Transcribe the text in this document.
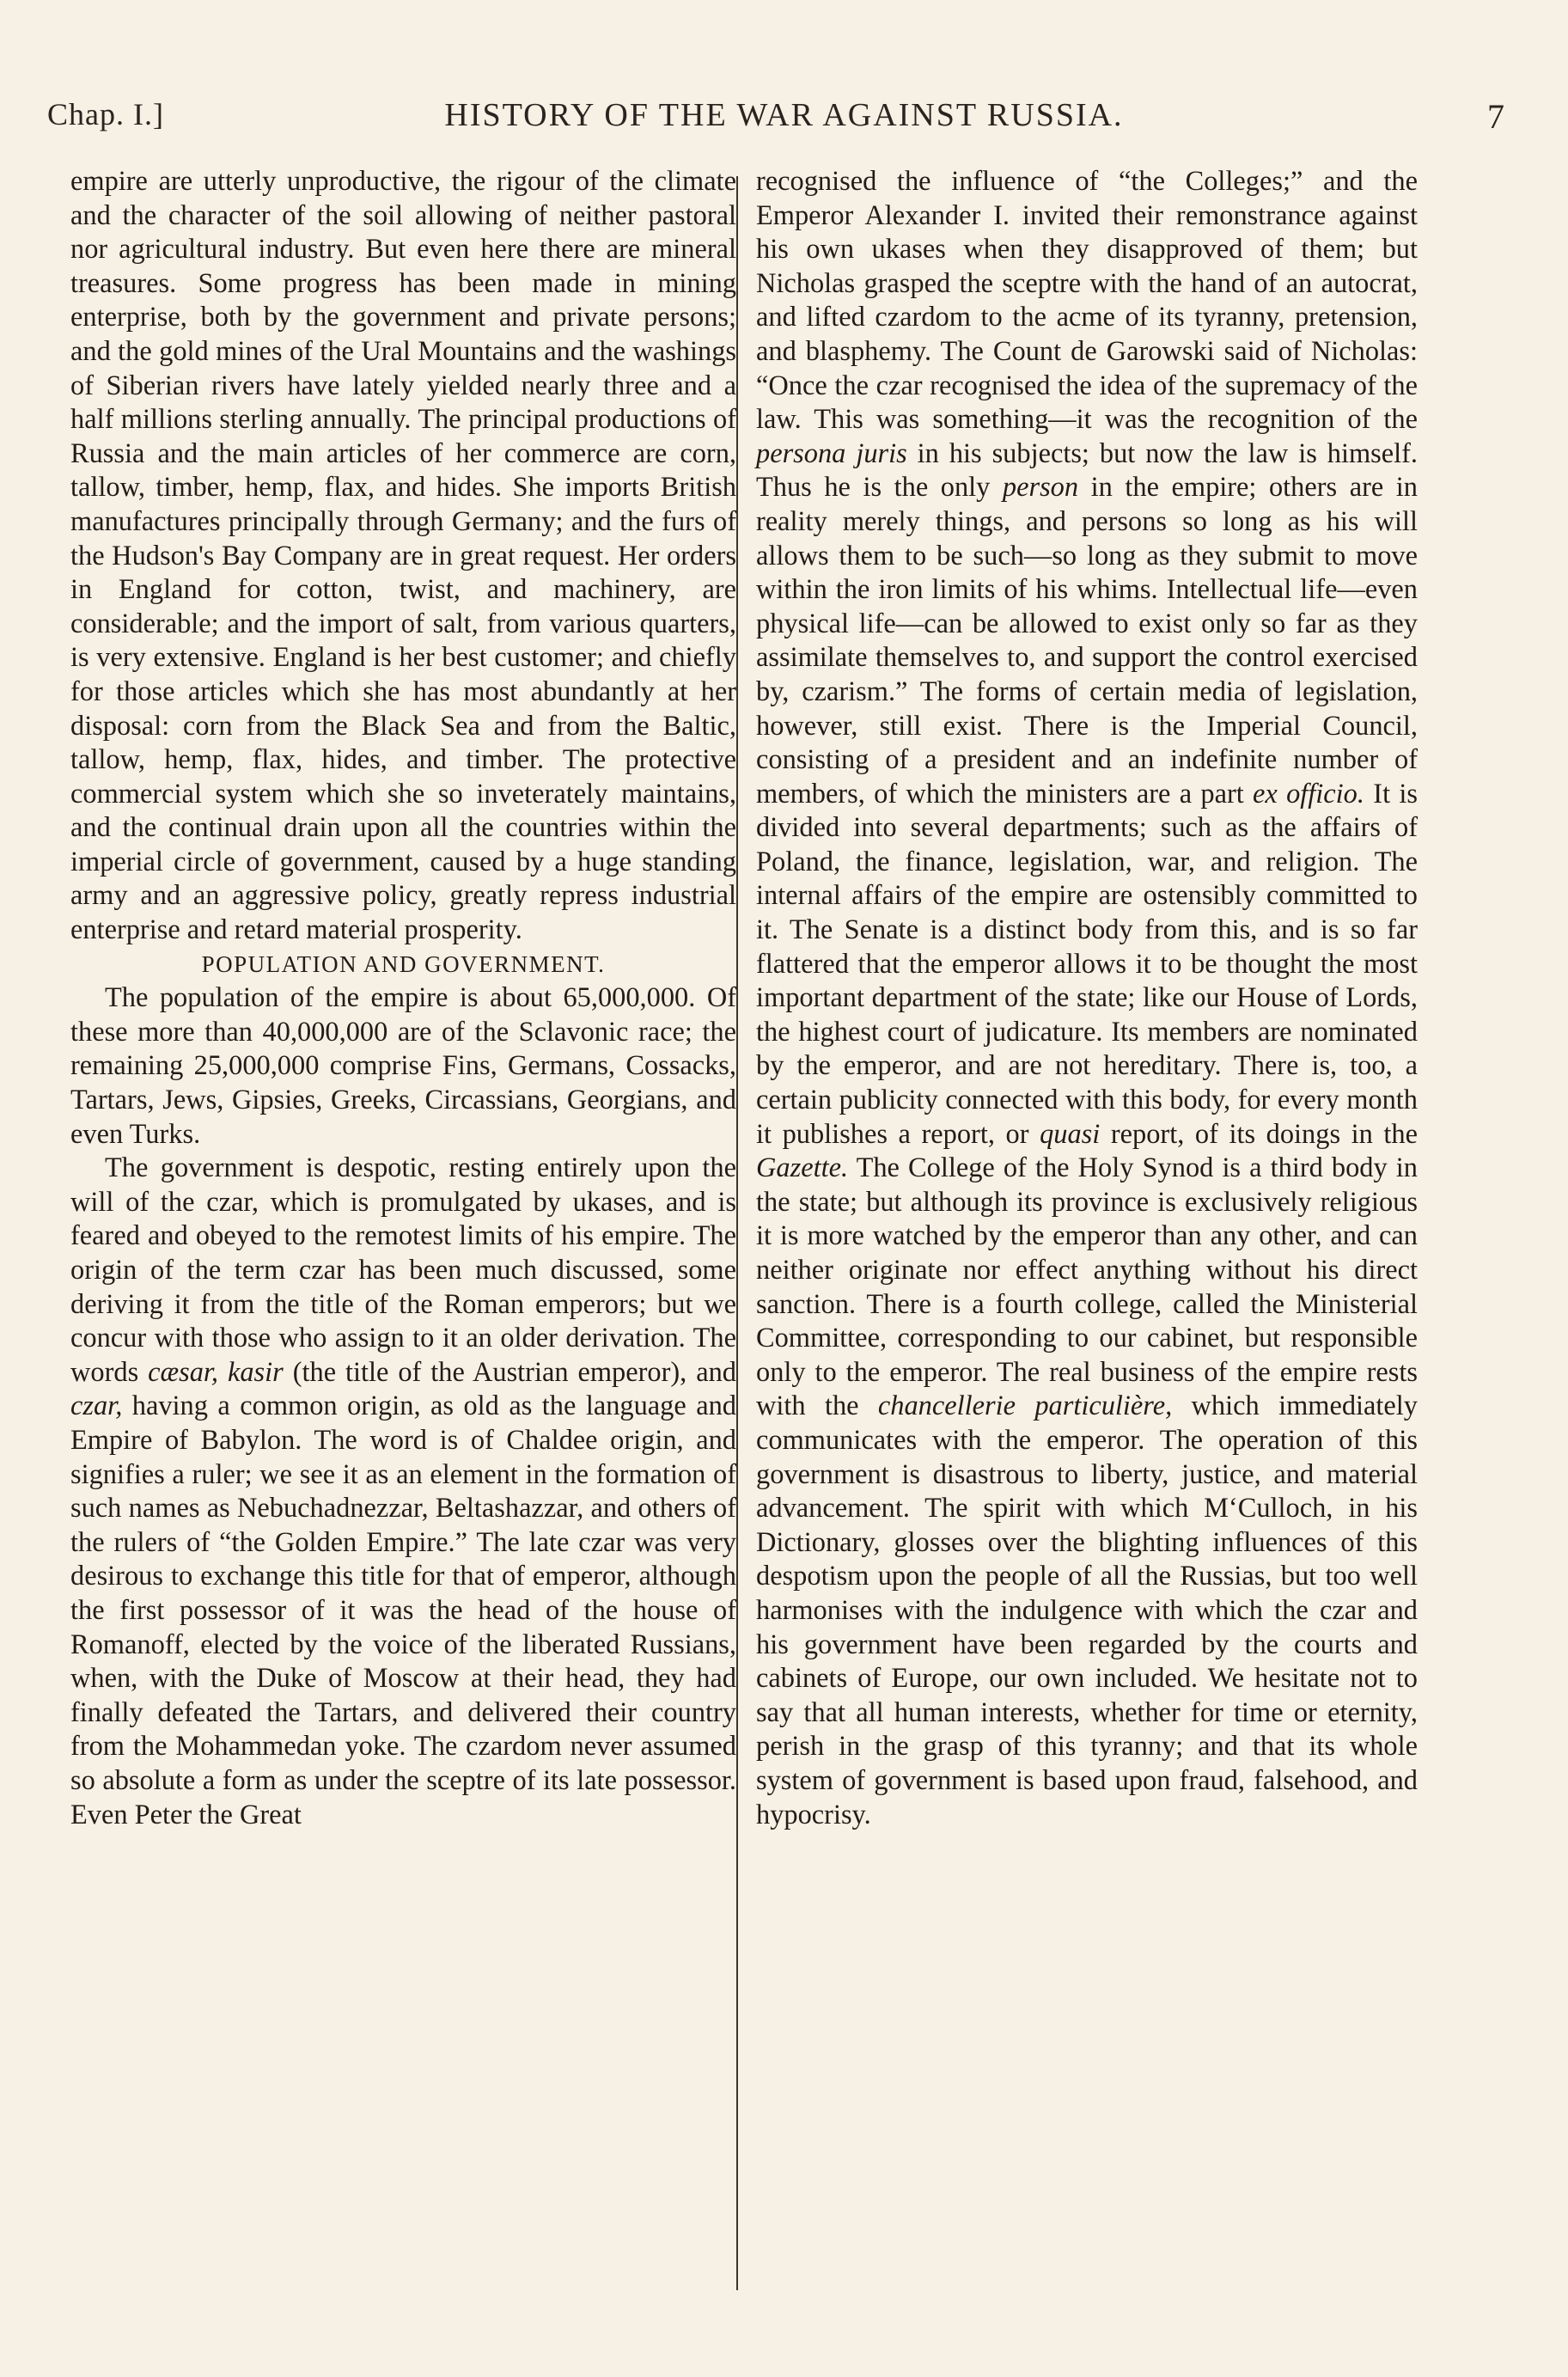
Chap. I.]	HISTORY OF THE WAR AGAINST RUSSIA.	7

empire are utterly unproductive, the rigour of the climate and the character of the soil allowing of neither pastoral nor agricultural industry. But even here there are mineral treasures. Some progress has been made in mining enterprise, both by the government and private persons; and the gold mines of the Ural Mountains and the washings of Siberian rivers have lately yielded nearly three and a half millions sterling annually. The principal productions of Russia and the main articles of her commerce are corn, tallow, timber, hemp, flax, and hides. She imports British manufactures principally through Germany; and the furs of the Hudson's Bay Company are in great request. Her orders in England for cotton, twist, and machinery, are considerable; and the import of salt, from various quarters, is very extensive. England is her best customer; and chiefly for those articles which she has most abundantly at her disposal: corn from the Black Sea and from the Baltic, tallow, hemp, flax, hides, and timber. The protective commercial system which she so inveterately maintains, and the continual drain upon all the countries within the imperial circle of government, caused by a huge standing army and an aggressive policy, greatly repress industrial enterprise and retard material prosperity.

POPULATION AND GOVERNMENT.

The population of the empire is about 65,000,000. Of these more than 40,000,000 are of the Sclavonic race; the remaining 25,000,000 comprise Fins, Germans, Cossacks, Tartars, Jews, Gipsies, Greeks, Circassians, Georgians, and even Turks.

The government is despotic, resting entirely upon the will of the czar, which is promulgated by ukases, and is feared and obeyed to the remotest limits of his empire. The origin of the term czar has been much discussed, some deriving it from the title of the Roman emperors; but we concur with those who assign to it an older derivation. The words cæsar, kasir (the title of the Austrian emperor), and czar, having a common origin, as old as the language and Empire of Babylon. The word is of Chaldee origin, and signifies a ruler; we see it as an element in the formation of such names as Nebuchadnezzar, Beltashazzar, and others of the rulers of “the Golden Empire.” The late czar was very desirous to exchange this title for that of emperor, although the first possessor of it was the head of the house of Romanoff, elected by the voice of the liberated Russians, when, with the Duke of Moscow at their head, they had finally defeated the Tartars, and delivered their country from the Mohammedan yoke. The czardom never assumed so absolute a form as under the sceptre of its late possessor. Even Peter the Great

recognised the influence of “the Colleges;” and the Emperor Alexander I. invited their remonstrance against his own ukases when they disapproved of them; but Nicholas grasped the sceptre with the hand of an autocrat, and lifted czardom to the acme of its tyranny, pretension, and blasphemy. The Count de Garowski said of Nicholas: “Once the czar recognised the idea of the supremacy of the law. This was something—it was the recognition of the persona juris in his subjects; but now the law is himself. Thus he is the only person in the empire; others are in reality merely things, and persons so long as his will allows them to be such—so long as they submit to move within the iron limits of his whims. Intellectual life—even physical life—can be allowed to exist only so far as they assimilate themselves to, and support the control exercised by, czarism.” The forms of certain media of legislation, however, still exist. There is the Imperial Council, consisting of a president and an indefinite number of members, of which the ministers are a part ex officio. It is divided into several departments; such as the affairs of Poland, the finance, legislation, war, and religion. The internal affairs of the empire are ostensibly committed to it. The Senate is a distinct body from this, and is so far flattered that the emperor allows it to be thought the most important department of the state; like our House of Lords, the highest court of judicature. Its members are nominated by the emperor, and are not hereditary. There is, too, a certain publicity connected with this body, for every month it publishes a report, or quasi report, of its doings in the Gazette. The College of the Holy Synod is a third body in the state; but although its province is exclusively religious it is more watched by the emperor than any other, and can neither originate nor effect anything without his direct sanction. There is a fourth college, called the Ministerial Committee, corresponding to our cabinet, but responsible only to the emperor. The real business of the empire rests with the chancellerie particulière, which immediately communicates with the emperor. The operation of this government is disastrous to liberty, justice, and material advancement. The spirit with which M‘Culloch, in his Dictionary, glosses over the blighting influences of this despotism upon the people of all the Russias, but too well harmonises with the indulgence with which the czar and his government have been regarded by the courts and cabinets of Europe, our own included. We hesitate not to say that all human interests, whether for time or eternity, perish in the grasp of this tyranny; and that its whole system of government is based upon fraud, falsehood, and hypocrisy.
